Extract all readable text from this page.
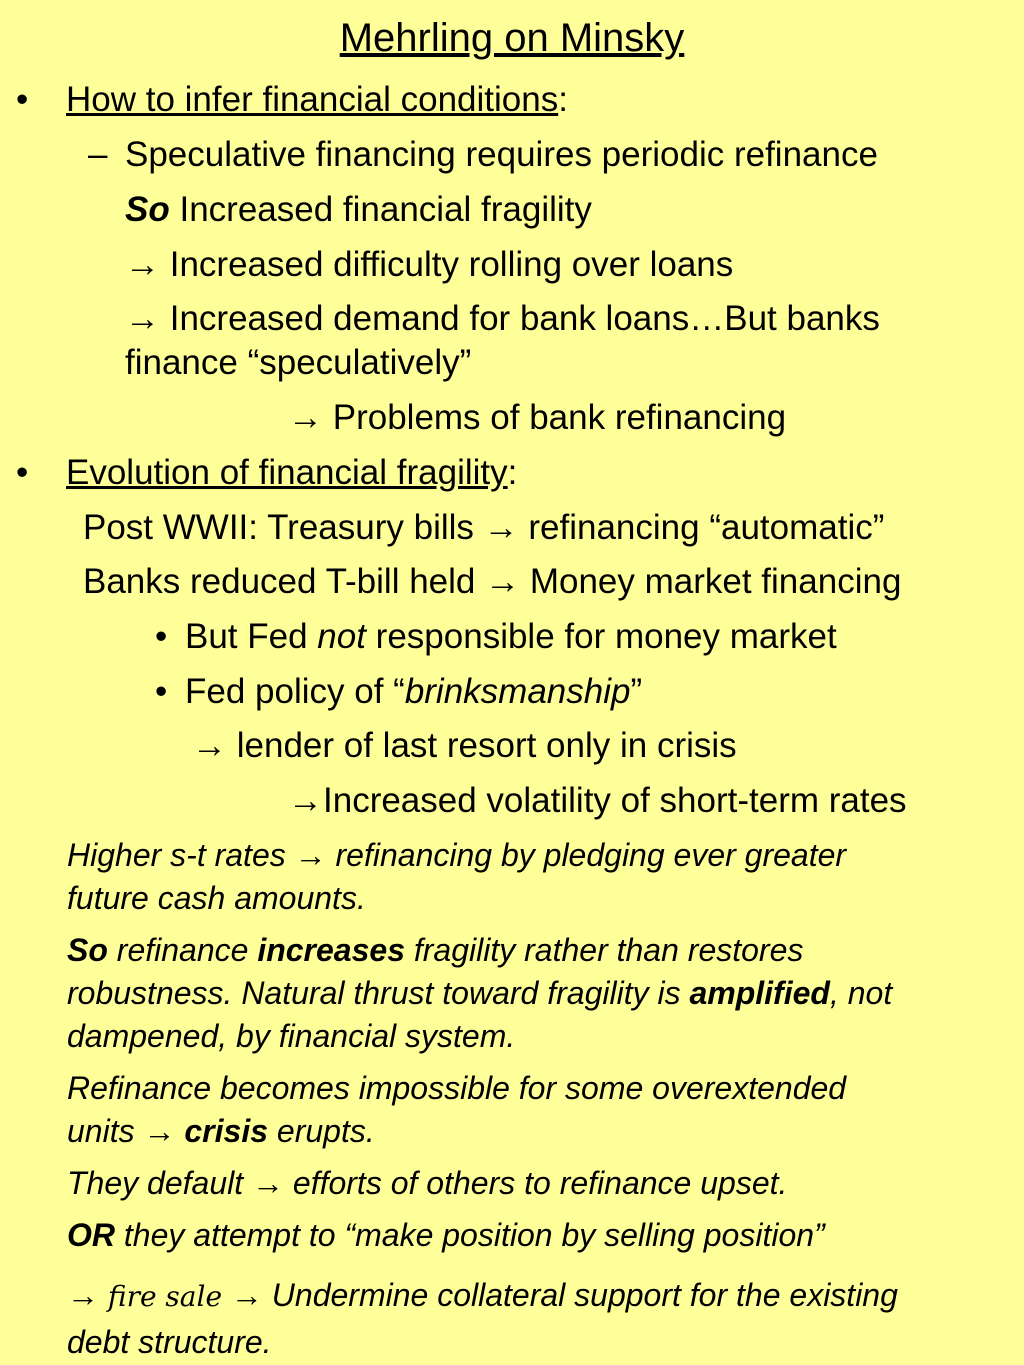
Mehrling on Minsky
• How to infer financial conditions:
– Speculative financing requires periodic refinance
So Increased financial fragility
→ Increased difficulty rolling over loans
→ Increased demand for bank loans…But banks
finance “speculatively”
→ Problems of bank refinancing
• Evolution of financial fragility:
Post WWII: Treasury bills → refinancing “automatic”
Banks reduced T-bill held → Money market financing
• But Fed not responsible for money market
• Fed policy of “brinksmanship”
→ lender of last resort only in crisis
→Increased volatility of short-term rates
Higher s-t rates → refinancing by pledging ever greater
future cash amounts.
So refinance increases fragility rather than restores
robustness. Natural thrust toward fragility is amplified, not
dampened, by financial system.
Refinance becomes impossible for some overextended
units → crisis erupts.
They default → efforts of others to refinance upset.
OR they attempt to “make position by selling position”
→ fire sale → Undermine collateral support for the existing
debt structure.
